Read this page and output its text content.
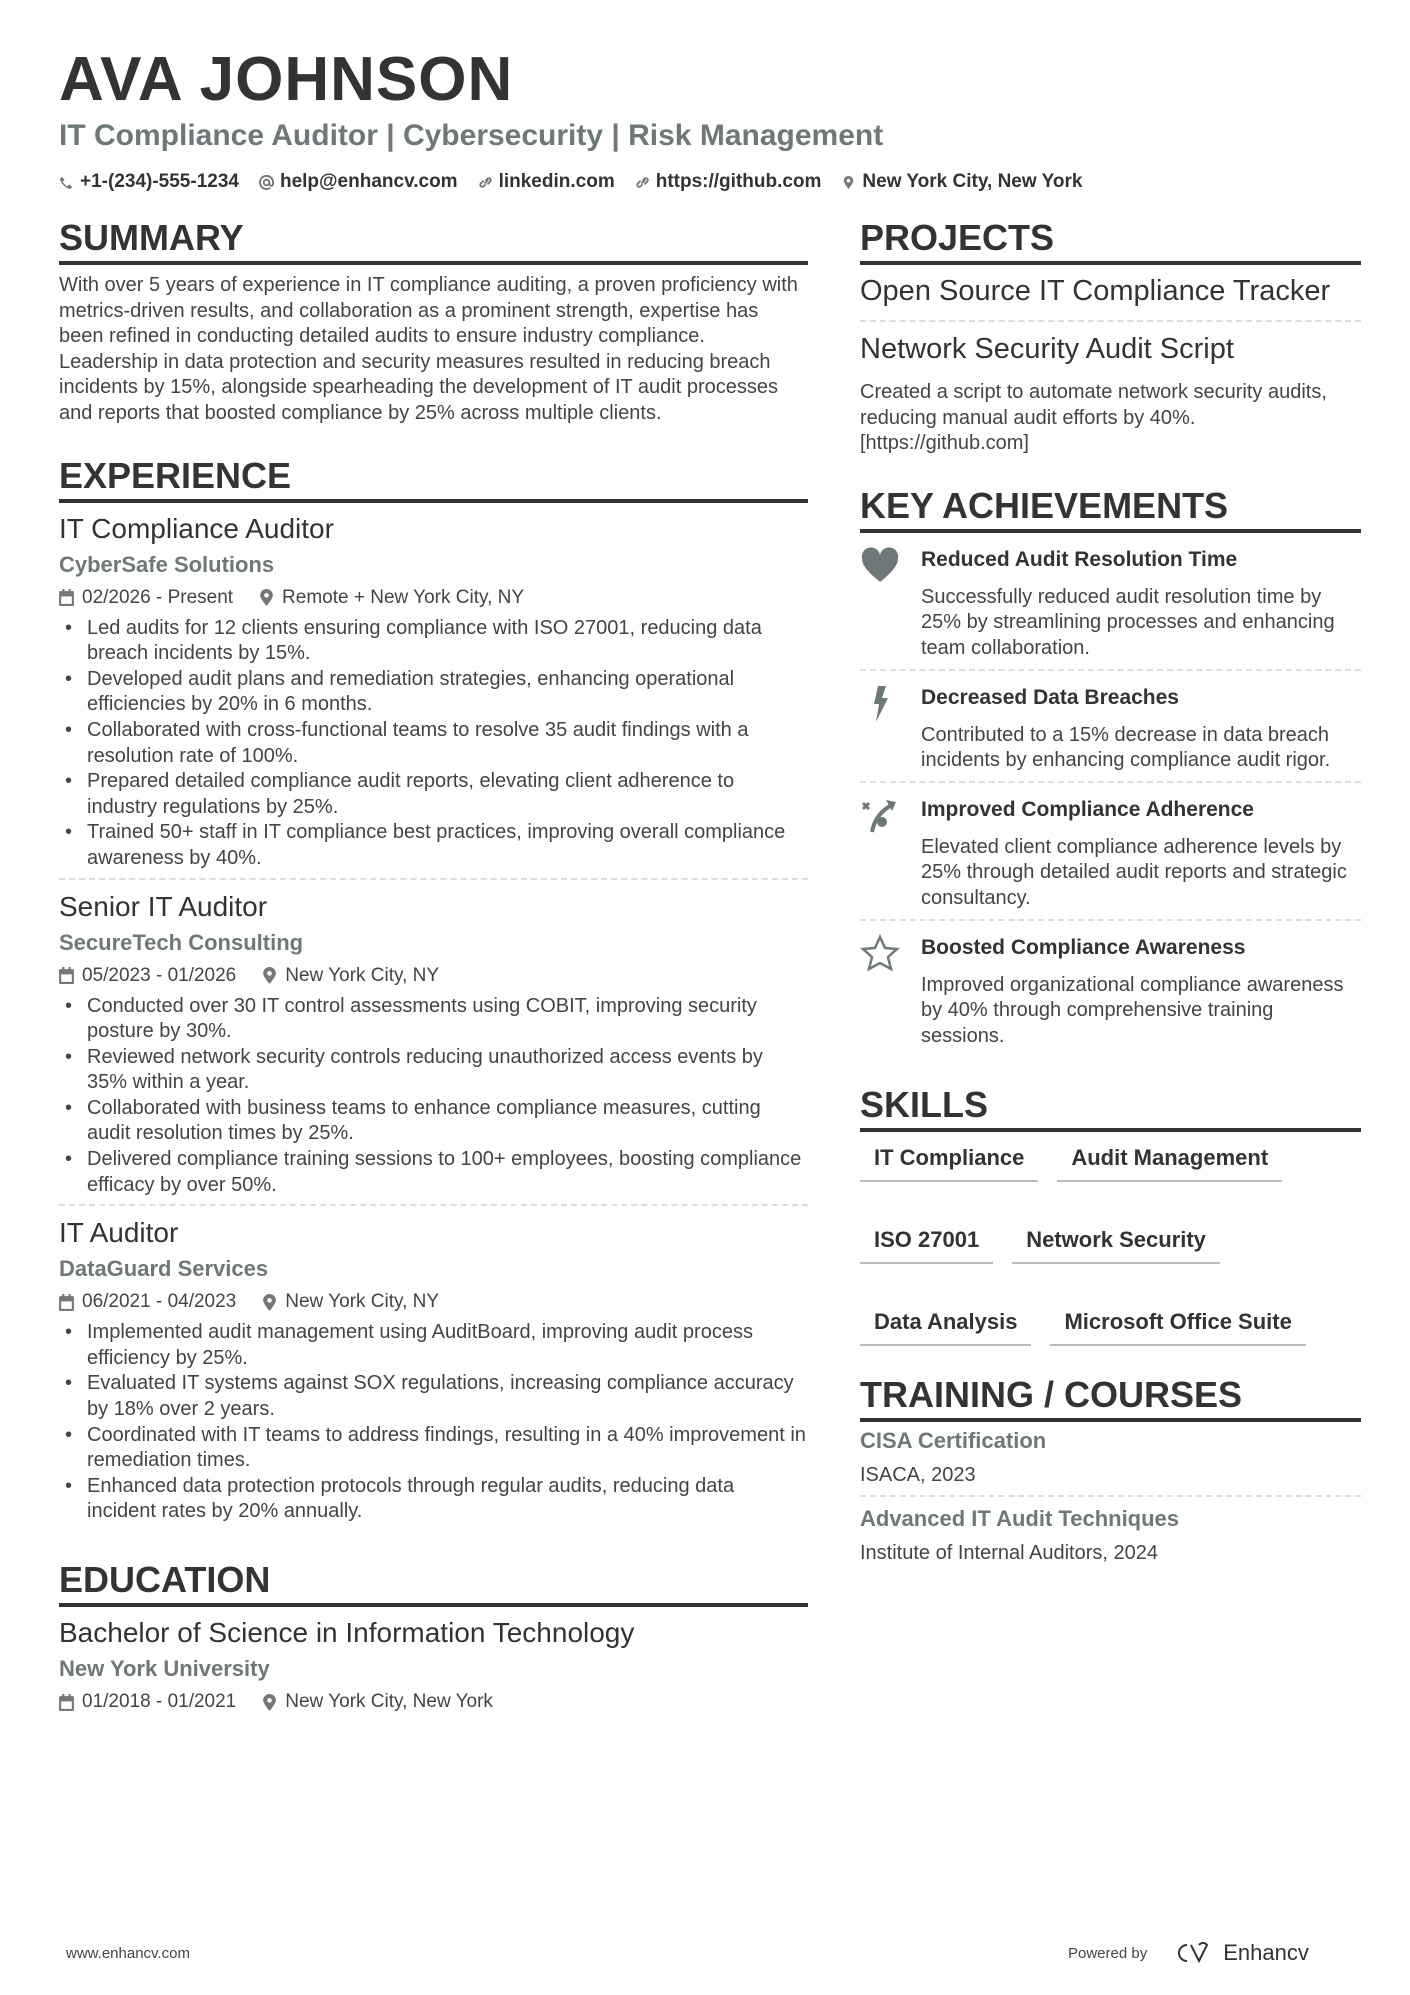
AVA JOHNSON
IT Compliance Auditor | Cybersecurity | Risk Management
+1-(234)-555-1234 help@enhancv.com linkedin.com https://github.com New York City, New York
SUMMARY
With over 5 years of experience in IT compliance auditing, a proven proficiency with metrics-driven results, and collaboration as a prominent strength, expertise has been refined in conducting detailed audits to ensure industry compliance. Leadership in data protection and security measures resulted in reducing breach incidents by 15%, alongside spearheading the development of IT audit processes and reports that boosted compliance by 25% across multiple clients.
EXPERIENCE
IT Compliance Auditor
CyberSafe Solutions
02/2026 - Present	Remote + New York City, NY
• Led audits for 12 clients ensuring compliance with ISO 27001, reducing data breach incidents by 15%.
• Developed audit plans and remediation strategies, enhancing operational efficiencies by 20% in 6 months.
• Collaborated with cross-functional teams to resolve 35 audit findings with a resolution rate of 100%.
• Prepared detailed compliance audit reports, elevating client adherence to industry regulations by 25%.
• Trained 50+ staff in IT compliance best practices, improving overall compliance awareness by 40%.
Senior IT Auditor
SecureTech Consulting
05/2023 - 01/2026	New York City, NY
• Conducted over 30 IT control assessments using COBIT, improving security posture by 30%.
• Reviewed network security controls reducing unauthorized access events by 35% within a year.
• Collaborated with business teams to enhance compliance measures, cutting audit resolution times by 25%.
• Delivered compliance training sessions to 100+ employees, boosting compliance efficacy by over 50%.
IT Auditor
DataGuard Services
06/2021 - 04/2023	New York City, NY
• Implemented audit management using AuditBoard, improving audit process efficiency by 25%.
• Evaluated IT systems against SOX regulations, increasing compliance accuracy by 18% over 2 years.
• Coordinated with IT teams to address findings, resulting in a 40% improvement in remediation times.
• Enhanced data protection protocols through regular audits, reducing data incident rates by 20% annually.
EDUCATION
Bachelor of Science in Information Technology
New York University
01/2018 - 01/2021	New York City, New York
PROJECTS
Open Source IT Compliance Tracker
Network Security Audit Script
Created a script to automate network security audits, reducing manual audit efforts by 40%. [https://github.com]
KEY ACHIEVEMENTS
Reduced Audit Resolution Time
Successfully reduced audit resolution time by 25% by streamlining processes and enhancing team collaboration.
Decreased Data Breaches
Contributed to a 15% decrease in data breach incidents by enhancing compliance audit rigor.
Improved Compliance Adherence
Elevated client compliance adherence levels by 25% through detailed audit reports and strategic consultancy.
Boosted Compliance Awareness
Improved organizational compliance awareness by 40% through comprehensive training sessions.
SKILLS
IT Compliance	Audit Management
ISO 27001	Network Security
Data Analysis	Microsoft Office Suite
TRAINING / COURSES
CISA Certification
ISACA, 2023
Advanced IT Audit Techniques
Institute of Internal Auditors, 2024
www.enhancv.com	Powered by	Enhancv
